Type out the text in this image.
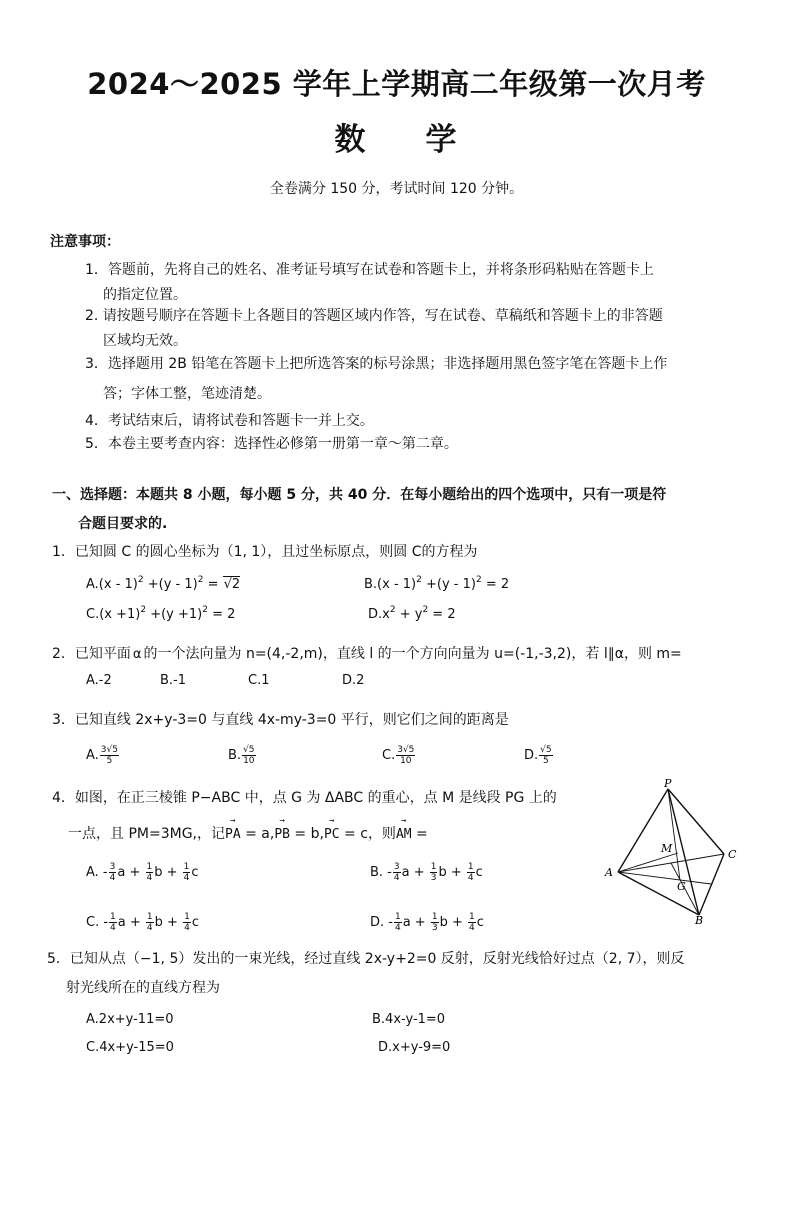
2024～2025 学年上学期高二年级第一次月考
数 学
全卷满分 150 分，考试时间 120 分钟。
注意事项：
1．答题前，先将自己的姓名、准考证号填写在试卷和答题卡上，并将条形码粘贴在答题卡上
的指定位置。
2. 请按题号顺序在答题卡上各题目的答题区域内作答，写在试卷、草稿纸和答题卡上的非答题
区域均无效。
3．选择题用 2B 铅笔在答题卡上把所选答案的标号涂黑；非选择题用黑色签字笔在答题卡上作
答；字体工整，笔迹清楚。
4．考试结束后，请将试卷和答题卡一并上交。
5．本卷主要考查内容：选择性必修第一册第一章～第二章。
一、选择题：本题共 8 小题，每小题 5 分，共 40 分．在每小题给出的四个选项中，只有一项是符
合题目要求的.
1．已知圆 C 的圆心坐标为（1, 1），且过坐标原点，则圆 C的方程为
A.(x - 1)$^2$ +(y - 1)$^2$ = √2	B.(x - 1)$^2$ +(y - 1)$^2$ = 2
$C.(x +1)^2 +(y +1)^2 = 2$	$D.x^2 + y^2 = 2$
2．已知平面 α 的一个法向量为 n=(4,-2,m)，直线 l 的一个方向向量为 u=(-1,-3,2)，若 l∥α，则 m=
A.-2	B.-1	C.1	D.2
3．已知直线 2x+y-3=0 与直线 4x-my-3=0 平行，则它们之间的距离是
A. $\frac{3√5}{5}$	B. $\frac{√5}{10}$	C. $\frac{3√5}{10}$	D. $\frac{√5}{5}$
4．如图，在正三棱锥 P−ABC 中，点 G 为 ΔABC 的重心，点 M 是线段 PG 上的
一点，且 PM=3MG,，记→ PA = a,→ PB = b,→ PC = c，则→ AM =
A. - $\frac{3}{4}$ $a + \frac{1}{4}$ $b + \frac{1}{4}$ c	B. - $\frac{3}{4}$ $a + \frac{1}{3}$ $b + \frac{1}{4}$ c
C. - $\frac{1}{4}$ $a + \frac{1}{4}$ $b + \frac{1}{4}$ c	D. - $\frac{1}{4}$ $a + \frac{1}{3}$ $b + \frac{1}{4}$ c
P
A
B
C
M
G
5．已知从点（−1, 5）发出的一束光线，经过直线 2x-y+2=0 反射，反射光线恰好过点（2, 7），则反
射光线所在的直线方程为
A.2x+y-11=0	B.4x-y-1=0
C.4x+y-15=0	D.x+y-9=0
